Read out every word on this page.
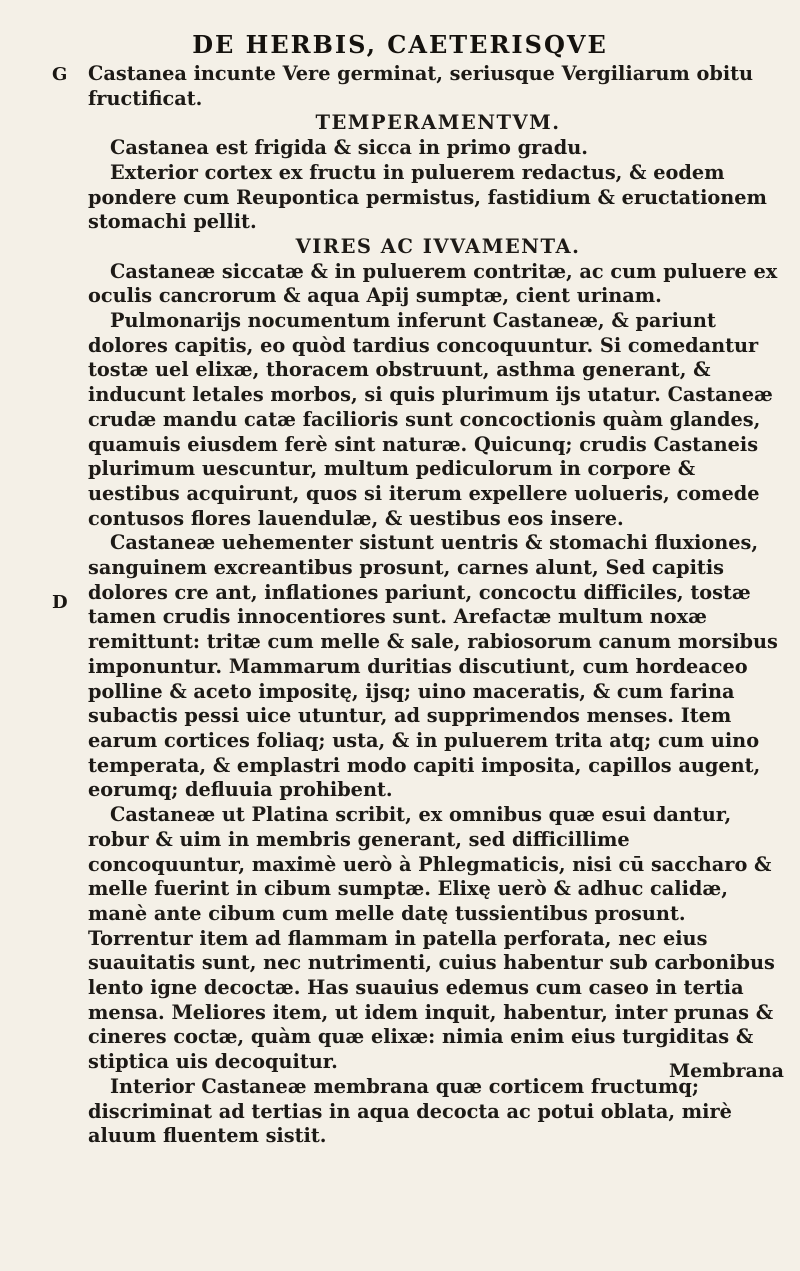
DE HERBIS, CAETERISQVE
G
D

Castanea incunte Vere germinat, seriusque Vergiliarum obitu fructificat.

TEMPERAMENTVM.

Castanea est frigida & sicca in primo gradu.

Exterior cortex ex fructu in puluerem redactus, & eodem pondere cum Reupontica permistus, fastidium & eructationem stomachi pellit.

VIRES AC IVVAMENTA.

Castaneæ siccatæ & in puluerem contritæ, ac cum puluere ex oculis cancrorum & aqua Apij sumptæ, cient urinam.

Pulmonarijs nocumentum inferunt Castaneæ, & pariunt dolores capitis, eo quòd tardius concoquuntur. Si comedantur tostæ uel elixæ, thoracem obstruunt, asthma generant, & inducunt letales morbos, si quis plurimum ijs utatur. Castaneæ crudæ mandu catæ facilioris sunt concoctionis quàm glandes, quamuis eiusdem ferè sint naturæ. Quicunq; crudis Castaneis plurimum uescuntur, multum pediculorum in corpore & uestibus acquirunt, quos si iterum expellere uolueris, comede contusos flores lauendulæ, & uestibus eos insere.

Castaneæ uehementer sistunt uentris & stomachi fluxiones, sanguinem excreantibus prosunt, carnes alunt, Sed capitis dolores cre ant, inflationes pariunt, concoctu difficiles, tostæ tamen crudis innocentiores sunt. Arefactæ multum noxæ remittunt: tritæ cum melle & sale, rabiosorum canum morsibus imponuntur. Mammarum duritias discutiunt, cum hordeaceo polline & aceto impositę, ijsq; uino maceratis, & cum farina subactis pessi uice utuntur, ad supprimendos menses. Item earum cortices foliaq; usta, & in puluerem trita atq; cum uino temperata, & emplastri modo capiti imposita, capillos augent, eorumq; defluuia prohibent.

Castaneæ ut Platina scribit, ex omnibus quæ esui dantur, robur & uim in membris generant, sed difficillime concoquuntur, maximè uerò à Phlegmaticis, nisi cū saccharo & melle fuerint in cibum sumptæ. Elixę uerò & adhuc calidæ, manè ante cibum cum melle datę tussientibus prosunt. Torrentur item ad flammam in patella perforata, nec eius suauitatis sunt, nec nutrimenti, cuius habentur sub carbonibus lento igne decoctæ. Has suauius edemus cum caseo in tertia mensa. Meliores item, ut idem inquit, habentur, inter prunas & cineres coctæ, quàm quæ elixæ: nimia enim eius turgiditas & stiptica uis decoquitur.

Interior Castaneæ membrana quæ corticem fructumq; discriminat ad tertias in aqua decocta ac potui oblata, mirè aluum fluentem sistit.

Membrana
